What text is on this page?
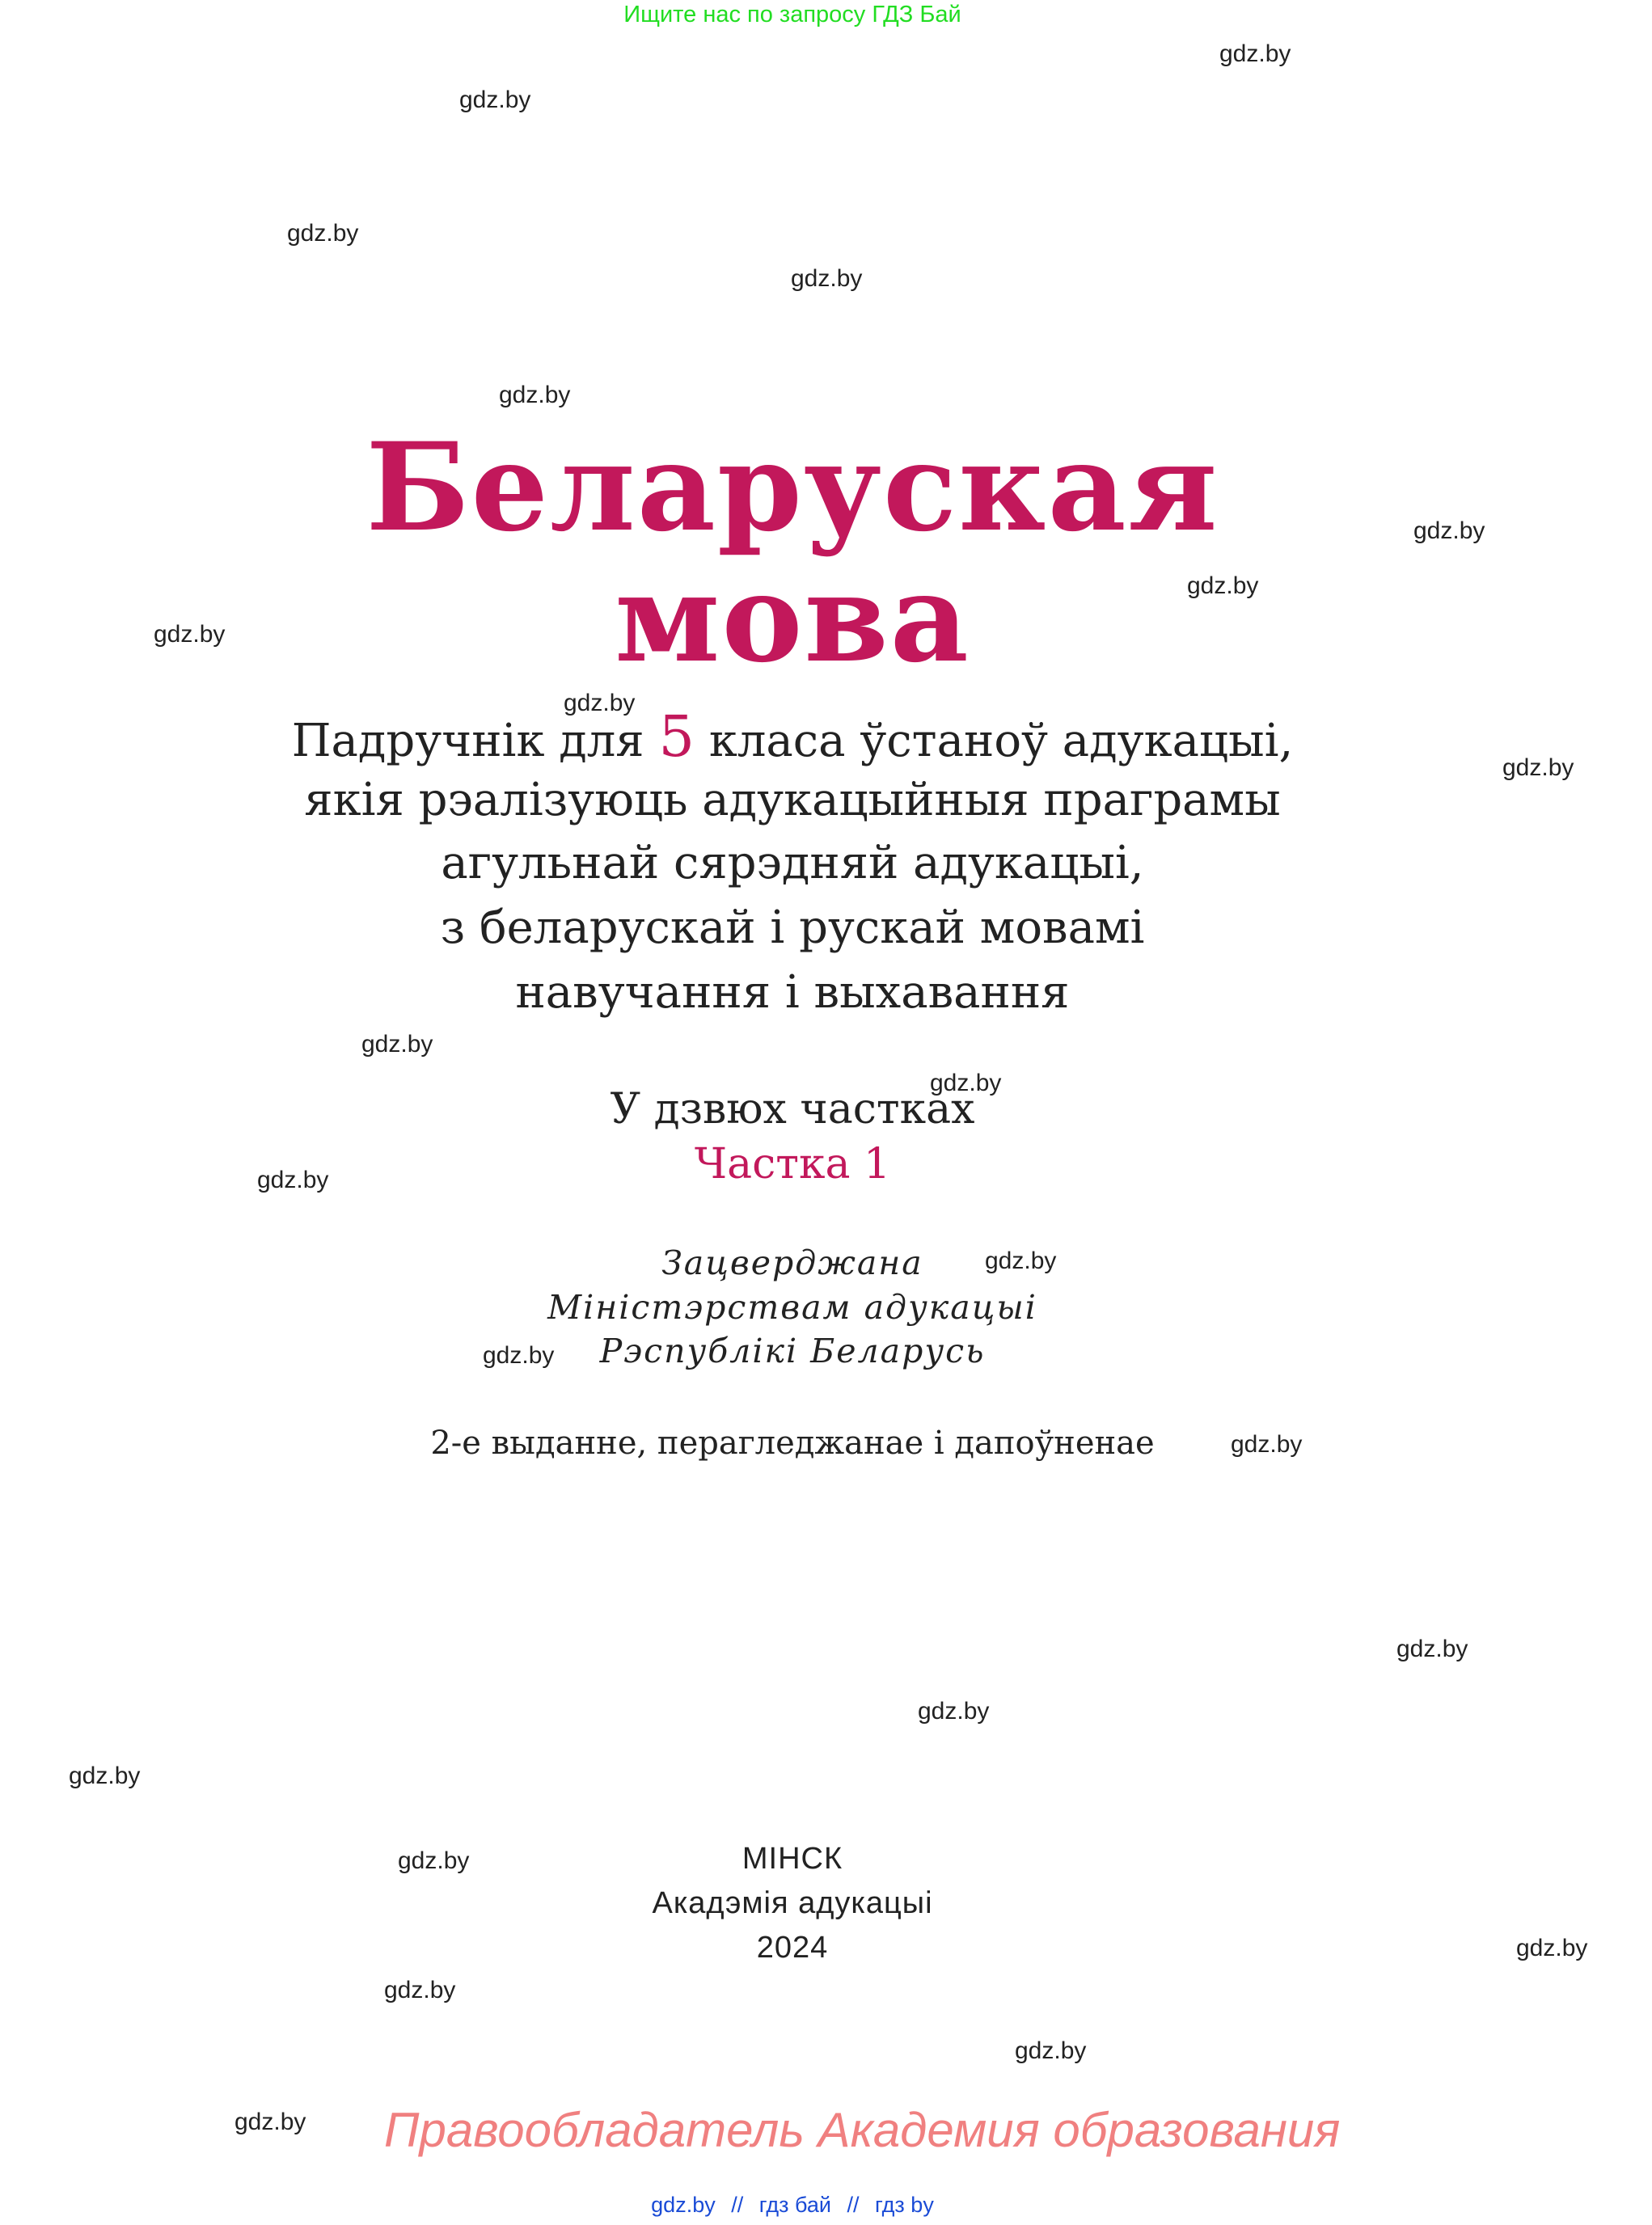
Ищите нас по запросу ГДЗ Бай
gdz.by
gdz.by
gdz.by
gdz.by
gdz.by
gdz.by
gdz.by
gdz.by
gdz.by
gdz.by
gdz.by
gdz.by
gdz.by
gdz.by
gdz.by
gdz.by
gdz.by
gdz.by
gdz.by
gdz.by
gdz.by
gdz.by
gdz.by
gdz.by
Беларуская
мова
Падручнік для 5 класа ўстаноў адукацыі,
якія рэалізуюць адукацыйныя праграмы
агульнай сярэдняй адукацыі,
з беларускай і рускай мовамі
навучання і выхавання
У дзвюх частках
Частка 1
Зацверджана
Міністэрствам адукацыі
Рэспублікі Беларусь
2-е выданне, перагледжанае і дапоўненае
МІНСК
Акадэмія адукацыі
2024
Правообладатель Академия образования
gdz.by // гдз бай // гдз by
